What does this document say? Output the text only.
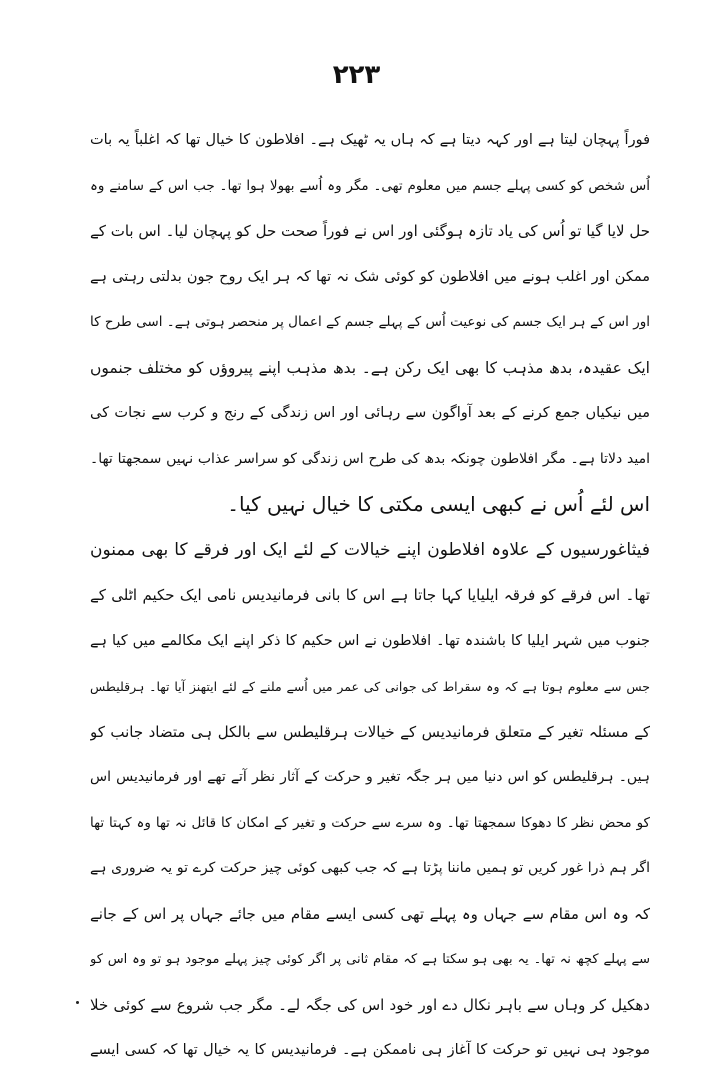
۲۲۳
فوراً پہچان لیتا ہے اور کہہ دیتا ہے کہ ہاں یہ ٹھیک ہے۔ افلاطون کا خیال تھا کہ اغلباً یہ بات
اُس شخص کو کسی پہلے جسم میں معلوم تھی۔ مگر وہ اُسے بھولا ہوا تھا۔ جب اس کے سامنے وہ
حل لایا گیا تو اُس کی یاد تازہ ہوگئی اور اس نے فوراً صحت حل کو پہچان لیا۔ اس بات کے
ممکن اور اغلب ہونے میں افلاطون کو کوئی شک نہ تھا کہ ہر ایک روح جون بدلتی رہتی ہے
اور اس کے ہر ایک جسم کی نوعیت اُس کے پہلے جسم کے اعمال پر منحصر ہوتی ہے۔ اسی طرح کا
ایک عقیدہ، بدھ مذہب کا بھی ایک رکن ہے۔ بدھ مذہب اپنے پیروؤں کو مختلف جنموں
میں نیکیاں جمع کرنے کے بعد آواگون سے رہائی اور اس زندگی کے رنج و کرب سے نجات کی
امید دلاتا ہے۔ مگر افلاطون چونکہ بدھ کی طرح اس زندگی کو سراسر عذاب نہیں سمجھتا تھا۔
اس لئے اُس نے کبھی ایسی مکتی کا خیال نہیں کیا۔
فیثاغورسیوں کے علاوہ افلاطون اپنے خیالات کے لئے ایک اور فرقے کا بھی ممنون
تھا۔ اس فرقے کو فرقہ ایلیایا کہا جاتا ہے اس کا بانی فرمانیدیس نامی ایک حکیم اٹلی کے
جنوب میں شہر ایلیا کا باشندہ تھا۔ افلاطون نے اس حکیم کا ذکر اپنے ایک مکالمے میں کیا ہے
جس سے معلوم ہوتا ہے کہ وہ سقراط کی جوانی کی عمر میں اُسے ملنے کے لئے ایتھنز آیا تھا۔ ہرقلیطس
کے مسئلہ تغیر کے متعلق فرمانیدیس کے خیالات ہرقلیطس سے بالکل ہی متضاد جانب کو
ہیں۔ ہرقلیطس کو اس دنیا میں ہر جگہ تغیر و حرکت کے آثار نظر آتے تھے اور فرمانیدیس اس
کو محض نظر کا دھوکا سمجھتا تھا۔ وہ سرے سے حرکت و تغیر کے امکان کا قائل نہ تھا وہ کہتا تھا
اگر ہم ذرا غور کریں تو ہمیں ماننا پڑتا ہے کہ جب کبھی کوئی چیز حرکت کرے تو یہ ضروری ہے
کہ وہ اس مقام سے جہاں وہ پہلے تھی کسی ایسے مقام میں جائے جہاں پر اس کے جانے
سے پہلے کچھ نہ تھا۔ یہ بھی ہو سکتا ہے کہ مقام ثانی پر اگر کوئی چیز پہلے موجود ہو تو وہ اس کو
دھکیل کر وہاں سے باہر نکال دے اور خود اس کی جگہ لے۔ مگر جب شروع سے کوئی خلا
موجود ہی نہیں تو حرکت کا آغاز ہی ناممکن ہے۔ فرمانیدیس کا یہ خیال تھا کہ کسی ایسے
